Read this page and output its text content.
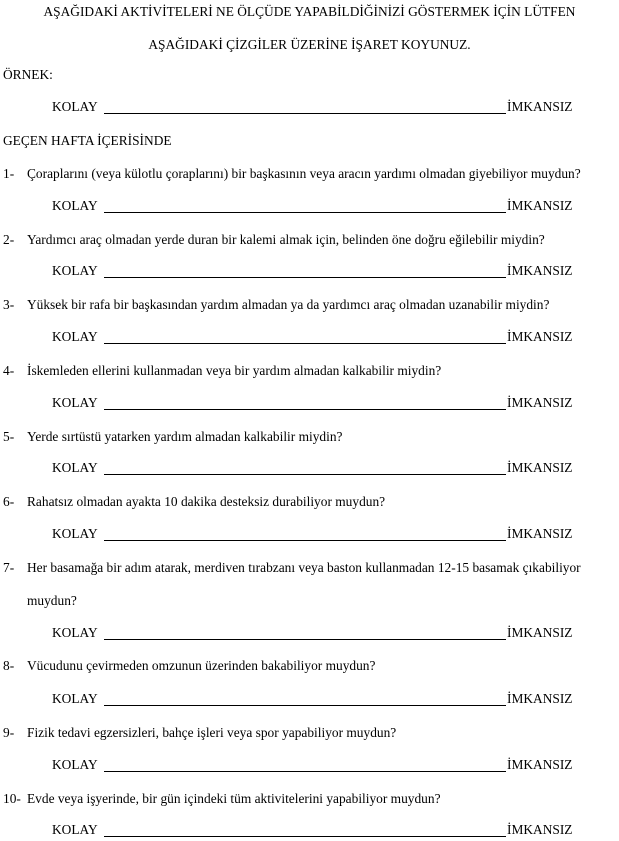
AŞAĞIDAKİ AKTİVİTELERİ NE ÖLÇÜDE YAPABİLDİĞİNİZİ GÖSTERMEK İÇİN LÜTFEN
AŞAĞIDAKİ ÇİZGİLER ÜZERİNE İŞARET KOYUNUZ.
ÖRNEK:
KOLAY	İMKANSIZ
GEÇEN HAFTA İÇERİSİNDE
1- Çoraplarını (veya külotlu çoraplarını) bir başkasının veya aracın yardımı olmadan giyebiliyor muydun?
KOLAY	İMKANSIZ
2- Yardımcı araç olmadan yerde duran bir kalemi almak için, belinden öne doğru eğilebilir miydin?
KOLAY	İMKANSIZ
3- Yüksek bir rafa bir başkasından yardım almadan ya da yardımcı araç olmadan uzanabilir miydin?
KOLAY	İMKANSIZ
4- İskemleden ellerini kullanmadan veya bir yardım almadan kalkabilir miydin?
KOLAY	İMKANSIZ
5- Yerde sırtüstü yatarken yardım almadan kalkabilir miydin?
KOLAY	İMKANSIZ
6- Rahatsız olmadan ayakta 10 dakika desteksiz durabiliyor muydun?
KOLAY	İMKANSIZ
7- Her basamağa bir adım atarak, merdiven tırabzanı veya baston kullanmadan 12-15 basamak çıkabiliyor
muydun?
KOLAY	İMKANSIZ
8- Vücudunu çevirmeden omzunun üzerinden bakabiliyor muydun?
KOLAY	İMKANSIZ
9- Fizik tedavi egzersizleri, bahçe işleri veya spor yapabiliyor muydun?
KOLAY	İMKANSIZ
10- Evde veya işyerinde, bir gün içindeki tüm aktivitelerini yapabiliyor muydun?
KOLAY	İMKANSIZ
